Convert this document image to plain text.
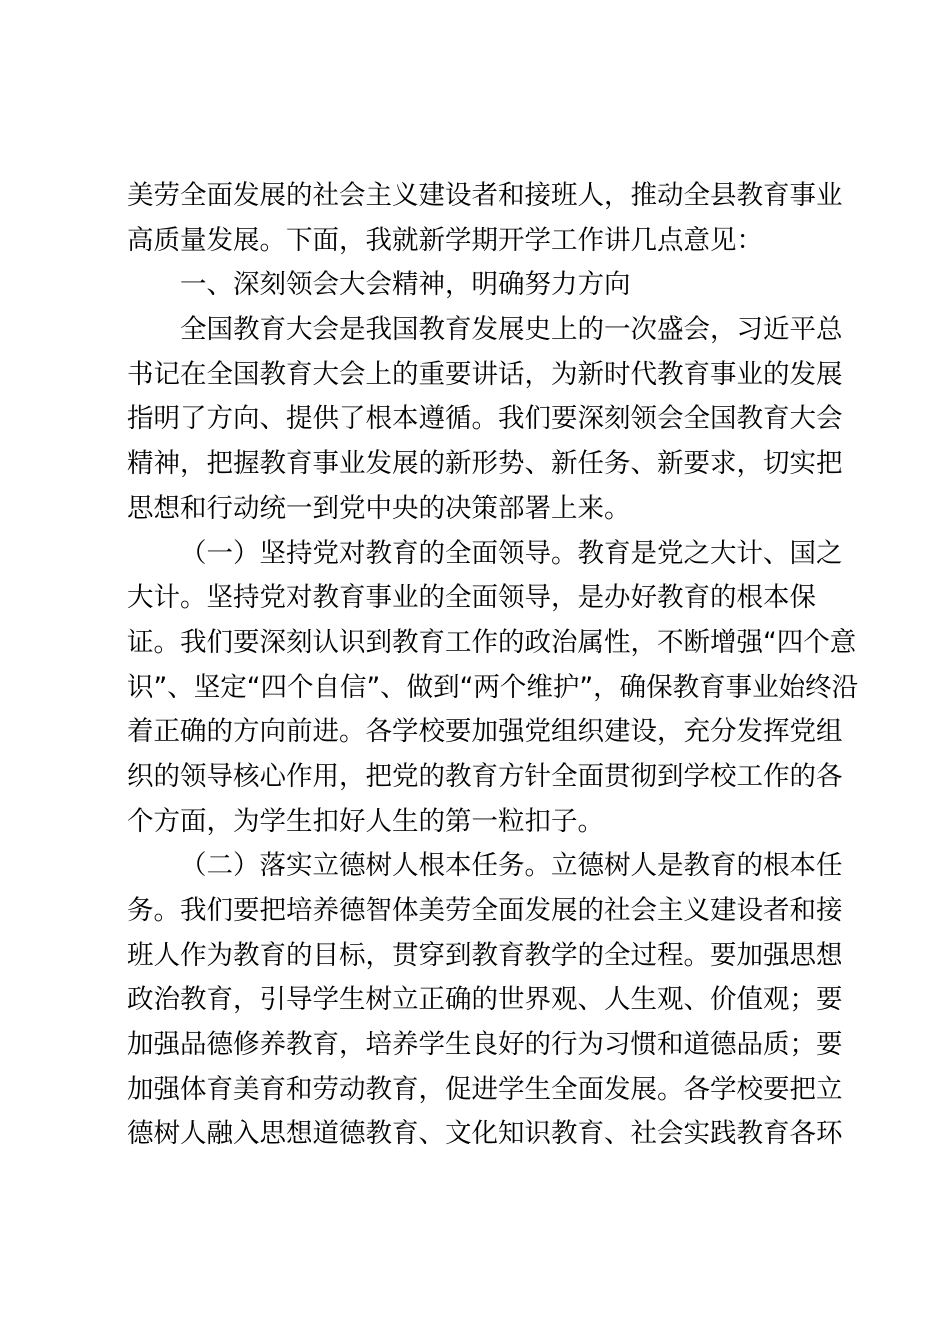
美劳全面发展的社会主义建设者和接班人，推动全县教育事业
高质量发展。下面，我就新学期开学工作讲几点意见：
一、深刻领会大会精神，明确努力方向
全国教育大会是我国教育发展史上的一次盛会，习近平总
书记在全国教育大会上的重要讲话，为新时代教育事业的发展
指明了方向、提供了根本遵循。我们要深刻领会全国教育大会
精神，把握教育事业发展的新形势、新任务、新要求，切实把
思想和行动统一到党中央的决策部署上来。
（一）坚持党对教育的全面领导。教育是党之大计、国之
大计。坚持党对教育事业的全面领导，是办好教育的根本保
证。我们要深刻认识到教育工作的政治属性，不断增强“四个意
识”、坚定“四个自信”、做到“两个维护”，确保教育事业始终沿
着正确的方向前进。各学校要加强党组织建设，充分发挥党组
织的领导核心作用，把党的教育方针全面贯彻到学校工作的各
个方面，为学生扣好人生的第一粒扣子。
（二）落实立德树人根本任务。立德树人是教育的根本任
务。我们要把培养德智体美劳全面发展的社会主义建设者和接
班人作为教育的目标，贯穿到教育教学的全过程。要加强思想
政治教育，引导学生树立正确的世界观、人生观、价值观；要
加强品德修养教育，培养学生良好的行为习惯和道德品质；要
加强体育美育和劳动教育，促进学生全面发展。各学校要把立
德树人融入思想道德教育、文化知识教育、社会实践教育各环
